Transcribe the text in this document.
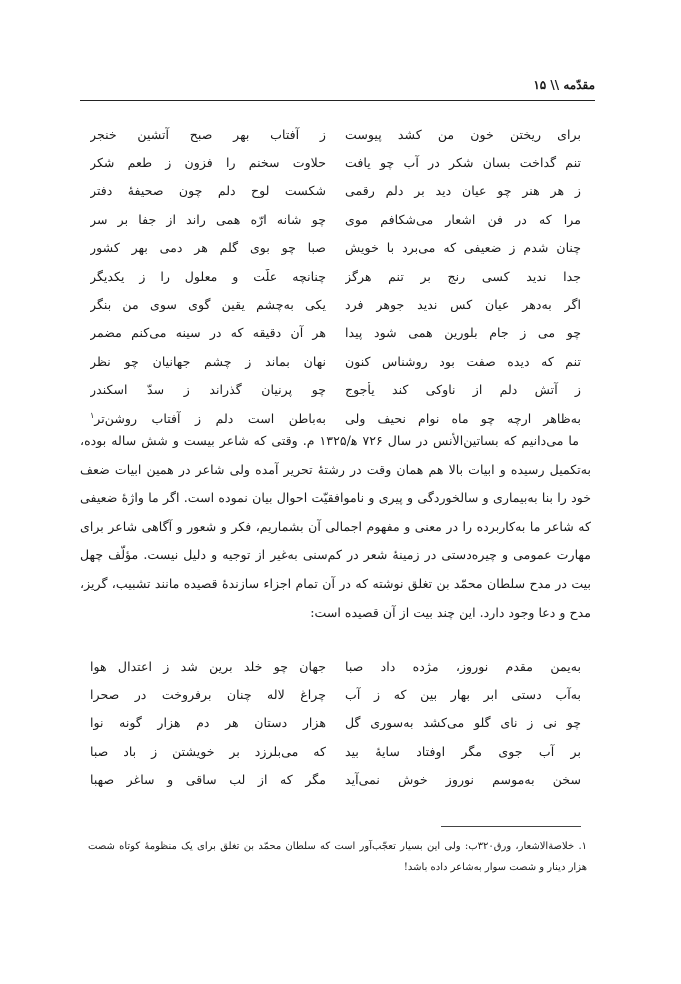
مقدّمه \\ ۱۵
برای ریختن خون من کشد پیوست
ز آفتاب بهر صبح آتشین خنجر
تنم گداخت بسان شکر در آب چو یافت
حلاوت سخنم را فزون ز طعم شکر
ز هر هنر چو عیان دید بر دلم رقمی
شکست لوح دلم چون صحیفهٔ دفتر
مرا که در فن اشعار می‌شکافم موی
چو شانه ارّه همی راند از جفا بر سر
چنان شدم ز ضعیفی که می‌برد با خویش
صبا چو بوی گلم هر دمی بهر کشور
جدا ندید کسی رنج بر تنم هرگز
چنانچه علّت و معلول را ز یکدیگر
اگر بەدهر عیان کس ندید جوهر فرد
یکی به‌چشم یقین گوی سوی من بنگر
چو می ز جام بلورین همی شود پیدا
هر آن دقیقه که در سینه می‌کنم مضمر
تنم که دیده صفت بود روشناس کنون
نهان بماند ز چشم جهانیان چو نظر
ز آتش دلم از ناوکی کند یأجوج
چو پرنیان گذراند ز سدّ اسکندر
به‌ظاهر ارچه چو ماه نوام نحیف ولی
به‌باطن است دلم ز آفتاب روشن‌تر$^۱$

ما می‌دانیم که بساتین‌الأنس در سال ۷۲۶ ه‍/۱۳۲۵ م. وقتی که شاعر بیست و شش ساله بوده، به‌تکمیل رسیده و ابیات بالا هم همان وقت در رشتهٔ تحریر آمده ولی شاعر در همین ابیات ضعف خود را بنا به‌بیماری و سالخوردگی و پیری و ناموافقیّت احوال بیان نموده است. اگر ما واژهٔ ضعیفی که شاعر ما به‌کاربرده را در معنی و مفهوم اجمالی آن بشماریم، فکر و شعور و آگاهی شاعر برای مهارت عمومی و چیره‌دستی در زمینهٔ شعر در کم‌سنی به‌غیر از توجیه و دلیل نیست. مؤلّف چهل بیت در مدح سلطان محمّد بن تغلق نوشته که در آن تمام اجزاء سازندهٔ قصیده مانند تشبیب، گریز، مدح و دعا وجود دارد. این چند بیت از آن قصیده است:

به‌یمن مقدم نوروز، مژده داد صبا
جهان چو خلد برین شد ز اعتدال هوا
به‌آب دستی ابر بهار بین که ز آب
چراغ لاله چنان برفروخت در صحرا
چو نی ز نای گلو می‌کشد به‌سوری گل
هزار دستان هر دم هزار گونه نوا
بر آب جوی مگر اوفتاد سایهٔ بید
که می‌بلرزد بر خویشتن ز باد صبا
سخن به‌موسم نوروز خوش نمی‌آید
مگر که از لب ساقی و ساغر صهبا

۱. خلاصةالاشعار، ورق۳۲۰ب: ولی این بسیار تعجّب‌آور است که سلطان محمّد بن تغلق برای یک منظومهٔ کوتاه شصت هزار دینار و شصت سوار به‌شاعر داده باشد!
